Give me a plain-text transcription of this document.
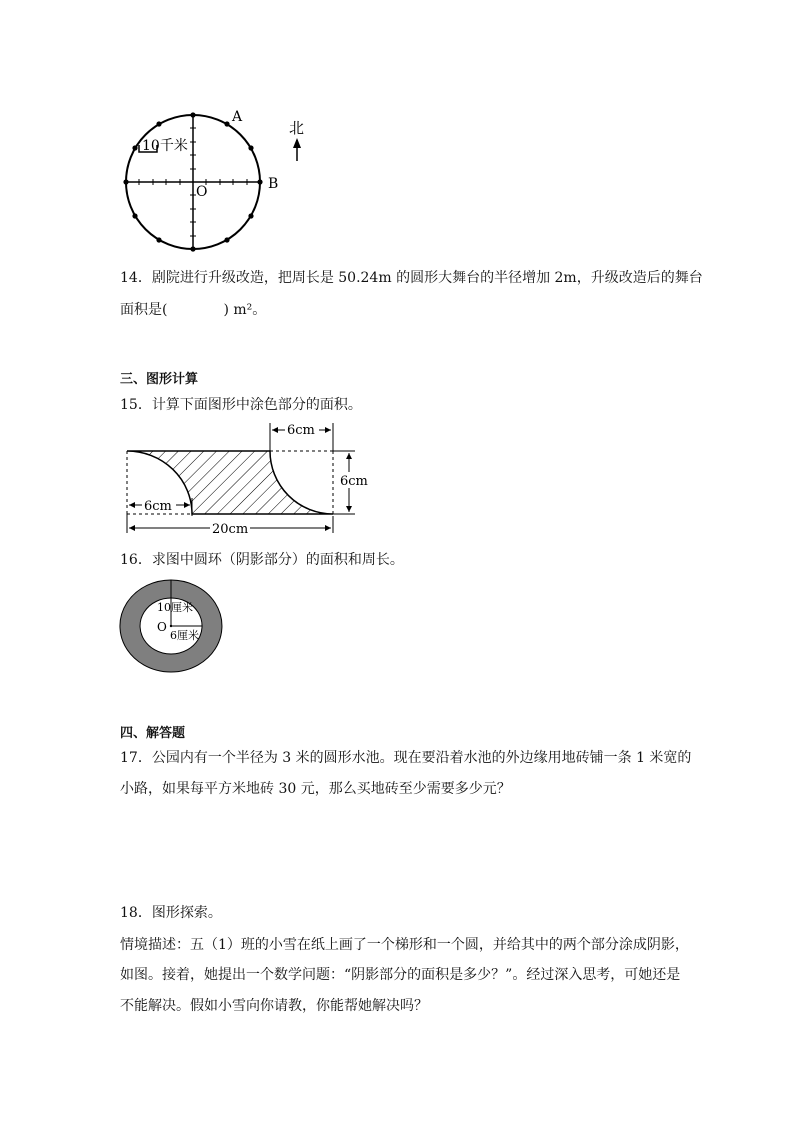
10千米
A
B
O
北
14．剧院进行升级改造，把周长是 50.24m 的圆形大舞台的半径增加 2m，升级改造后的舞台
面积是(　　　　) m²。
三、图形计算
15．计算下面图形中涂色部分的面积。
6cm
6cm
6cm
20cm
16．求图中圆环（阴影部分）的面积和周长。
10厘米
O
6厘米
四、解答题
17．公园内有一个半径为 3 米的圆形水池。现在要沿着水池的外边缘用地砖铺一条 1 米宽的
小路，如果每平方米地砖 30 元，那么买地砖至少需要多少元？
18．图形探索。
情境描述：五（1）班的小雪在纸上画了一个梯形和一个圆，并给其中的两个部分涂成阴影，
如图。接着，她提出一个数学问题：“阴影部分的面积是多少？”。经过深入思考，可她还是
不能解决。假如小雪向你请教，你能帮她解决吗？
